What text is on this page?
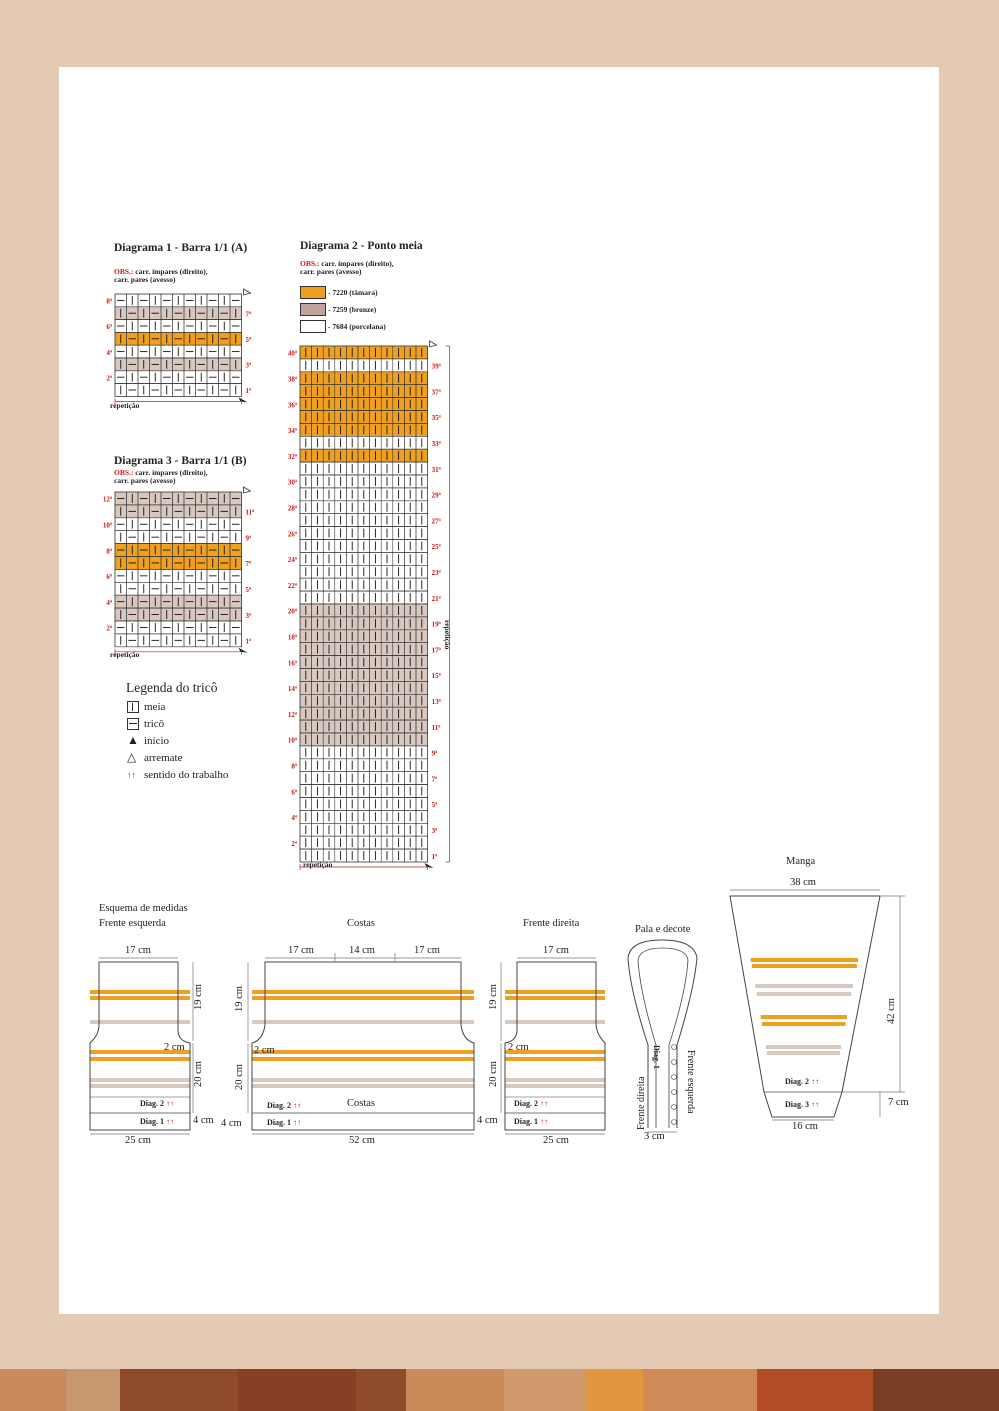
Diagrama 1 - Barra 1/1 (A)
OBS.: carr. ímpares (direito),
carr. pares (avesso)
8ª
6ª
4ª
2ª
7ª
5ª
3ª
1ª
repetição
Diagrama 3 - Barra 1/1 (B)
OBS.: carr. ímpares (direito),
carr. pares (avesso)
12ª
10ª
8ª
6ª
4ª
2ª
11ª
9ª
7ª
5ª
3ª
1ª
repetição
Diagrama 2 - Ponto meia
OBS.: carr. ímpares (direito),
carr. pares (avesso)
- 7220 (tâmara)
- 7259 (bronze)
- 7684 (porcelana)
40ª
38ª
36ª
34ª
32ª
30ª
28ª
26ª
24ª
22ª
20ª
18ª
16ª
14ª
12ª
10ª
8ª
6ª
4ª
2ª
39ª
37ª
35ª
33ª
31ª
29ª
27ª
25ª
23ª
21ª
19ª
17ª
15ª
13ª
11ª
9ª
7ª
5ª
3ª
1ª
repetição
repetição
Legenda do tricô
meia
tricô
▲ início
△ arremate
↑↑ sentido do trabalho
Esquema de medidas
Frente esquerda
17 cm
19 cm
2 cm
20 cm
4 cm
25 cm
Diag. 2 ↑↑
Diag. 1 ↑↑
Costas
17 cm	14 cm	17 cm
19 cm
2 cm
20 cm
4 cm
52 cm
Costas
Diag. 2 ↑↑
Diag. 1 ↑↑
Frente direita
17 cm
19 cm
2 cm
20 cm
4 cm
25 cm
Diag. 2 ↑↑
Diag. 1 ↑↑
Pala e decote
Frente direita	Frente esquerda
Diag. 1
3 cm
Manga
38 cm
42 cm
7 cm
16 cm
Diag. 2 ↑↑
Diag. 3 ↑↑
